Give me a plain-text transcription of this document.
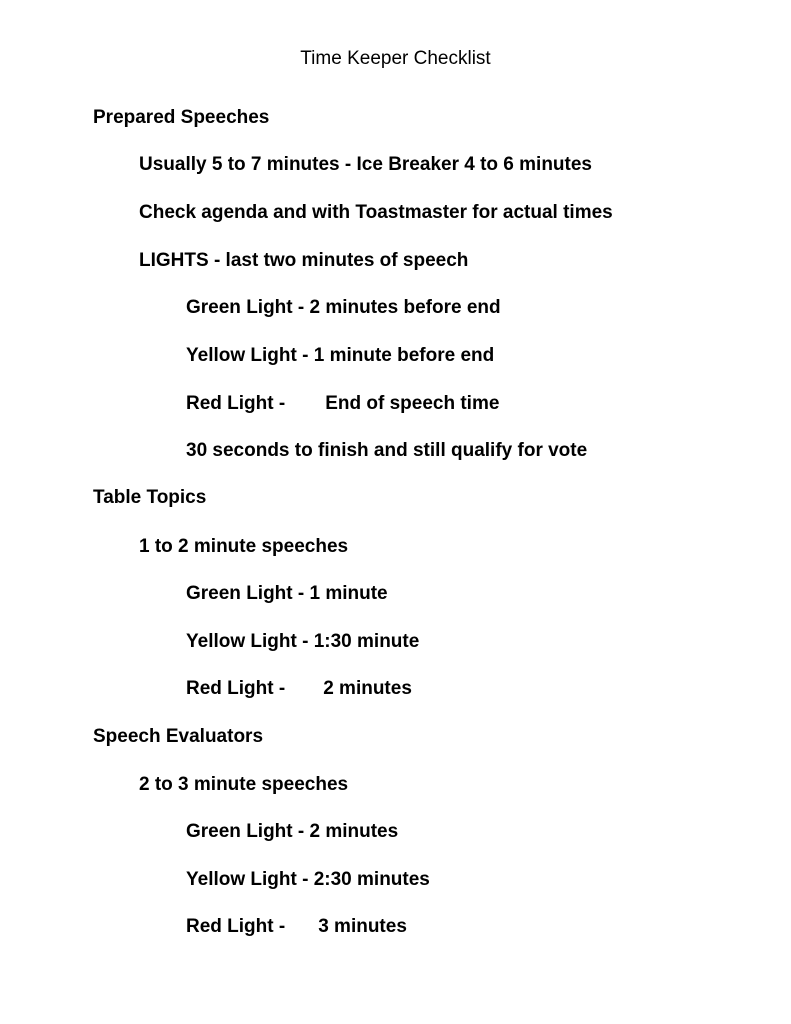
Time Keeper Checklist
Prepared Speeches
Usually 5 to 7 minutes - Ice Breaker 4 to 6 minutes
Check agenda and with Toastmaster for actual times
LIGHTS - last two minutes of speech
Green Light - 2 minutes before end
Yellow Light - 1 minute before end
Red Light - End of speech time
30 seconds to finish and still qualify for vote
Table Topics
1 to 2 minute speeches
Green Light - 1 minute
Yellow Light - 1:30 minute
Red Light - 2 minutes
Speech Evaluators
2 to 3 minute speeches
Green Light - 2 minutes
Yellow Light - 2:30 minutes
Red Light - 3 minutes
